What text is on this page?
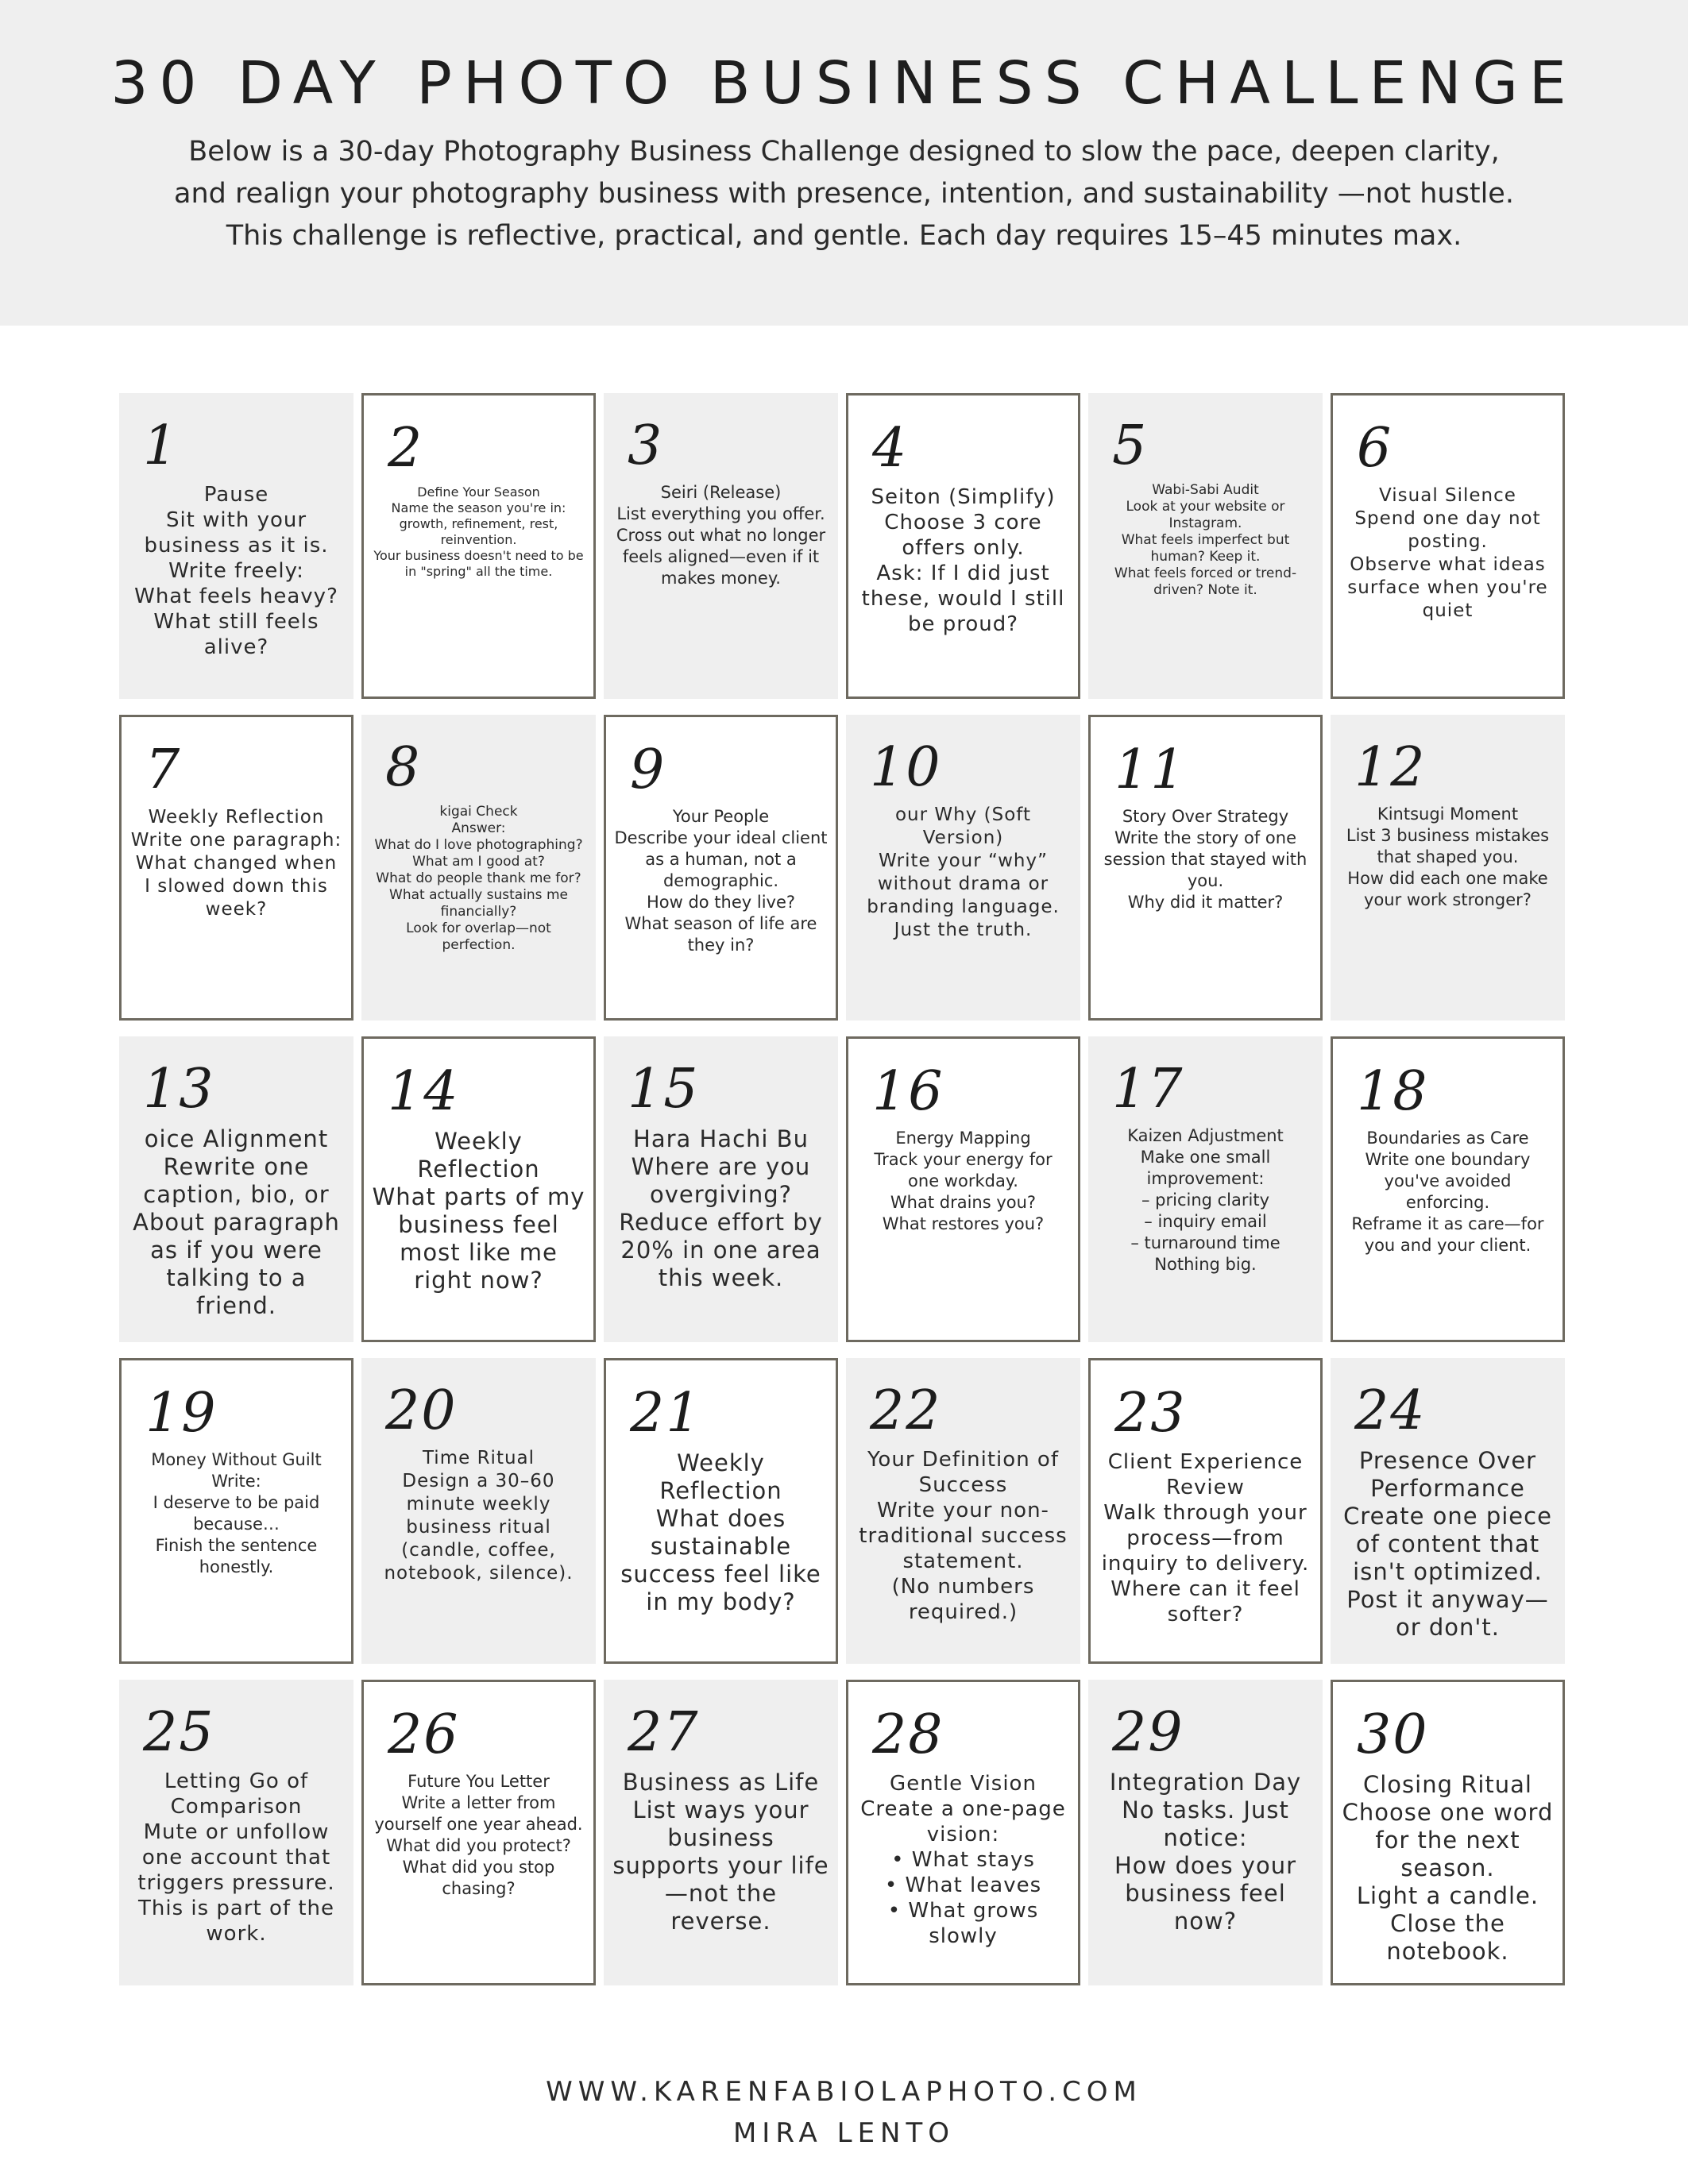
30 DAY PHOTO BUSINESS CHALLENGE

Below is a 30-day Photography Business Challenge designed to slow the pace, deepen clarity, and realign your photography business with presence, intention, and sustainability —not hustle.

This challenge is reflective, practical, and gentle. Each day requires 15–45 minutes max.

1
Pause
Sit with your business as it is.
Write freely:
What feels heavy? What still feels alive?
2
Define Your Season
Name the season you're in: growth, refinement, rest, reinvention.
Your business doesn't need to be in "spring" all the time.
3
Seiri (Release)
List everything you offer.
Cross out what no longer feels aligned—even if it makes money.
4
Seiton (Simplify)
Choose 3 core offers only.
Ask: If I did just these, would I still be proud?
5
Wabi-Sabi Audit
Look at your website or Instagram.
What feels imperfect but human? Keep it.
What feels forced or trend-driven? Note it.
6
Visual Silence
Spend one day not posting.
Observe what ideas surface when you're quiet
7
Weekly Reflection
Write one paragraph:
What changed when I slowed down this week?
8
kigai Check
Answer:
What do I love photographing?
What am I good at?
What do people thank me for?
What actually sustains me financially?
Look for overlap—not perfection.
9
Your People
Describe your ideal client as a human, not a demographic.
How do they live?
What season of life are they in?
10
our Why (Soft Version)
Write your “why” without drama or branding language.
Just the truth.
11
Story Over Strategy
Write the story of one session that stayed with you.
Why did it matter?
12
Kintsugi Moment
List 3 business mistakes that shaped you.
How did each one make your work stronger?
13
oice Alignment
Rewrite one caption, bio, or About paragraph as if you were talking to a friend.
14
Weekly Reflection
What parts of my business feel most like me right now?
15
Hara Hachi Bu
Where are you overgiving?
Reduce effort by 20% in one area this week.
16
Energy Mapping
Track your energy for one workday.
What drains you?
What restores you?
17
Kaizen Adjustment
Make one small improvement:
– pricing clarity
– inquiry email
– turnaround time
Nothing big.
18
Boundaries as Care
Write one boundary you've avoided enforcing.
Reframe it as care—for you and your client.
19
Money Without Guilt
Write:
I deserve to be paid because…
Finish the sentence honestly.
20
Time Ritual
Design a 30–60 minute weekly business ritual (candle, coffee, notebook, silence).
21
Weekly Reflection
What does sustainable success feel like in my body?
22
Your Definition of Success
Write your non-traditional success statement.
(No numbers required.)
23
Client Experience Review
Walk through your process—from inquiry to delivery.
Where can it feel softer?
24
Presence Over Performance
Create one piece of content that isn't optimized.
Post it anyway—or don't.
25
Letting Go of Comparison
Mute or unfollow one account that triggers pressure.
This is part of the work.
26
Future You Letter
Write a letter from yourself one year ahead.
What did you protect? What did you stop chasing?
27
Business as Life
List ways your business supports your life—not the reverse.
28
Gentle Vision
Create a one-page vision:
• What stays
• What leaves
• What grows slowly
29
Integration Day
No tasks. Just notice:
How does your business feel now?
30
Closing Ritual
Choose one word for the next season.
Light a candle.
Close the notebook.
WWW.KARENFABIOLAPHOTO.COM
MIRA LENTO
